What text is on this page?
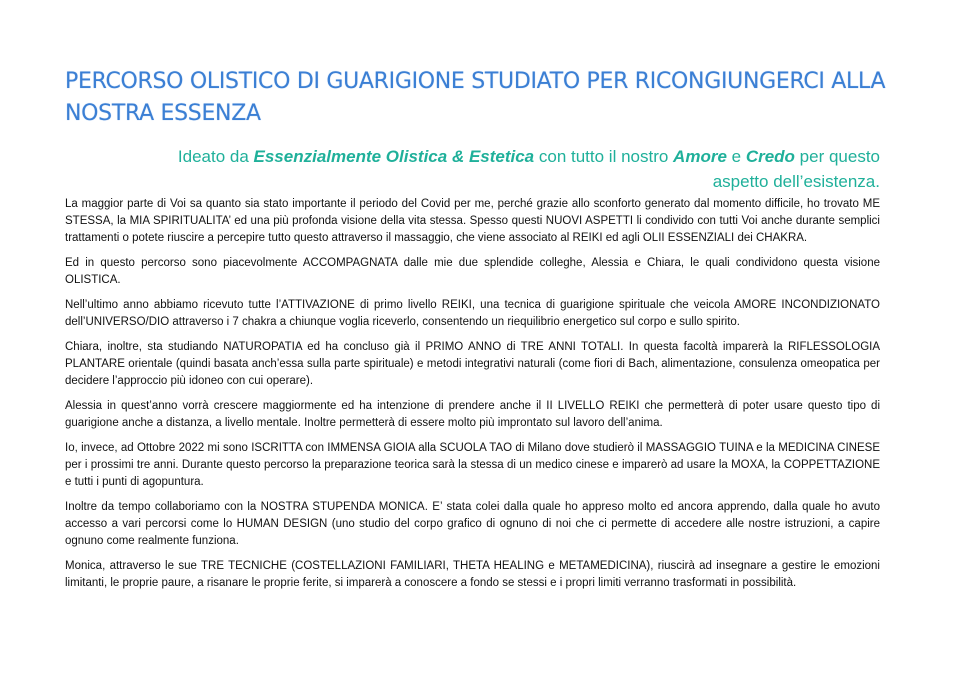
PERCORSO OLISTICO DI GUARIGIONE STUDIATO PER RICONGIUNGERCI ALLA NOSTRA ESSENZA

Ideato da Essenzialmente Olistica & Estetica con tutto il nostro Amore e Credo per questo aspetto dell’esistenza.

La maggior parte di Voi sa quanto sia stato importante il periodo del Covid per me, perché grazie allo sconforto generato dal momento difficile, ho trovato ME STESSA, la MIA SPIRITUALITA’ ed una più profonda visione della vita stessa. Spesso questi NUOVI ASPETTI li condivido con tutti Voi anche durante semplici trattamenti o potete riuscire a percepire tutto questo attraverso il massaggio, che viene associato al REIKI ed agli OLII ESSENZIALI dei CHAKRA.

Ed in questo percorso sono piacevolmente ACCOMPAGNATA dalle mie due splendide colleghe, Alessia e Chiara, le quali condividono questa visione OLISTICA.

Nell’ultimo anno abbiamo ricevuto tutte l’ATTIVAZIONE di primo livello REIKI, una tecnica di guarigione spirituale che veicola AMORE INCONDIZIONATO dell’UNIVERSO/DIO attraverso i 7 chakra a chiunque voglia riceverlo, consentendo un riequilibrio energetico sul corpo e sullo spirito.

Chiara, inoltre, sta studiando NATUROPATIA ed ha concluso già il PRIMO ANNO di TRE ANNI TOTALI. In questa facoltà imparerà la RIFLESSOLOGIA PLANTARE orientale (quindi basata anch’essa sulla parte spirituale) e metodi integrativi naturali (come fiori di Bach, alimentazione, consulenza omeopatica per decidere l’approccio più idoneo con cui operare).

Alessia in quest’anno vorrà crescere maggiormente ed ha intenzione di prendere anche il II LIVELLO REIKI che permetterà di poter usare questo tipo di guarigione anche a distanza, a livello mentale. Inoltre permetterà di essere molto più improntato sul lavoro dell’anima.

Io, invece, ad Ottobre 2022 mi sono ISCRITTA con IMMENSA GIOIA alla SCUOLA TAO di Milano dove studierò il MASSAGGIO TUINA e la MEDICINA CINESE per i prossimi tre anni. Durante questo percorso la preparazione teorica sarà la stessa di un medico cinese e imparerò ad usare la MOXA, la COPPETTAZIONE e tutti i punti di agopuntura.

Inoltre da tempo collaboriamo con la NOSTRA STUPENDA MONICA. E’ stata colei dalla quale ho appreso molto ed ancora apprendo, dalla quale ho avuto accesso a vari percorsi come lo HUMAN DESIGN (uno studio del corpo grafico di ognuno di noi che ci permette di accedere alle nostre istruzioni, a capire ognuno come realmente funziona.

Monica, attraverso le sue TRE TECNICHE (COSTELLAZIONI FAMILIARI, THETA HEALING e METAMEDICINA), riuscirà ad insegnare a gestire le emozioni limitanti, le proprie paure, a risanare le proprie ferite, si imparerà a conoscere a fondo se stessi e i propri limiti verranno trasformati in possibilità.
